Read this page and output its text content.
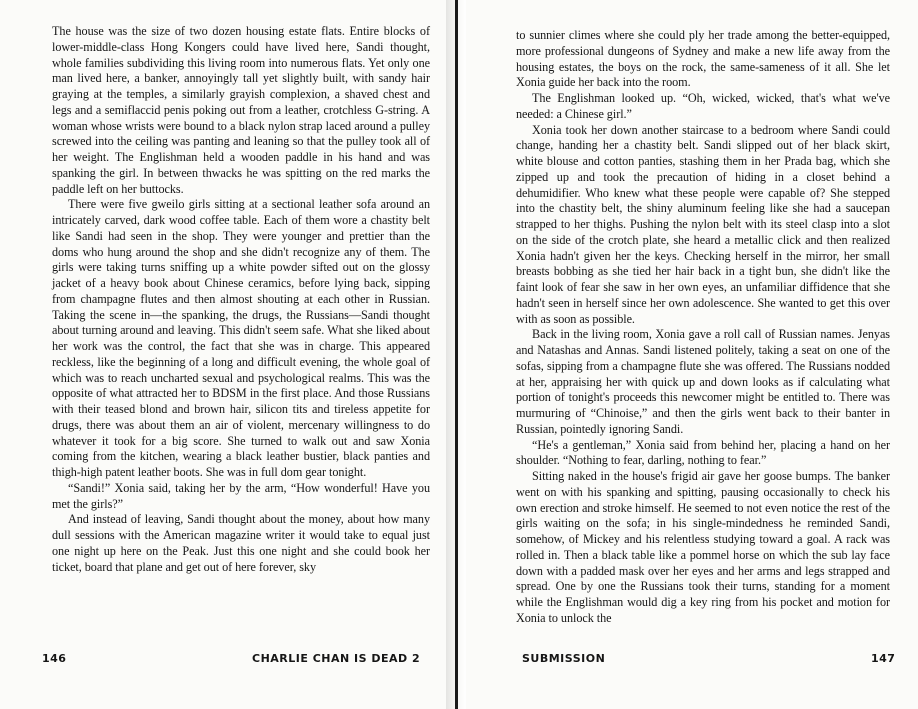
The house was the size of two dozen housing estate flats. Entire blocks of lower-middle-class Hong Kongers could have lived here, Sandi thought, whole families subdividing this living room into numerous flats. Yet only one man lived here, a banker, annoyingly tall yet slightly built, with sandy hair graying at the temples, a similarly grayish complexion, a shaved chest and legs and a semiflaccid penis poking out from a leather, crotchless G-string. A woman whose wrists were bound to a black nylon strap laced around a pulley screwed into the ceiling was panting and leaning so that the pulley took all of her weight. The Englishman held a wooden paddle in his hand and was spanking the girl. In between thwacks he was spitting on the red marks the paddle left on her buttocks.

There were five gweilo girls sitting at a sectional leather sofa around an intricately carved, dark wood coffee table. Each of them wore a chastity belt like Sandi had seen in the shop. They were younger and prettier than the doms who hung around the shop and she didn't recognize any of them. The girls were taking turns sniffing up a white powder sifted out on the glossy jacket of a heavy book about Chinese ceramics, before lying back, sipping from champagne flutes and then almost shouting at each other in Russian. Taking the scene in—the spanking, the drugs, the Russians—Sandi thought about turning around and leaving. This didn't seem safe. What she liked about her work was the control, the fact that she was in charge. This appeared reckless, like the beginning of a long and difficult evening, the whole goal of which was to reach uncharted sexual and psychological realms. This was the opposite of what attracted her to BDSM in the first place. And those Russians with their teased blond and brown hair, silicon tits and tireless appetite for drugs, there was about them an air of violent, mercenary willingness to do whatever it took for a big score. She turned to walk out and saw Xonia coming from the kitchen, wearing a black leather bustier, black panties and thigh-high patent leather boots. She was in full dom gear tonight.

“Sandi!” Xonia said, taking her by the arm, “How wonderful! Have you met the girls?”

And instead of leaving, Sandi thought about the money, about how many dull sessions with the American magazine writer it would take to equal just one night up here on the Peak. Just this one night and she could book her ticket, board that plane and get out of here forever, sky

146	CHARLIE CHAN IS DEAD 2

to sunnier climes where she could ply her trade among the better-equipped, more professional dungeons of Sydney and make a new life away from the housing estates, the boys on the rock, the same-sameness of it all. She let Xonia guide her back into the room.

The Englishman looked up. “Oh, wicked, wicked, that's what we've needed: a Chinese girl.”

Xonia took her down another staircase to a bedroom where Sandi could change, handing her a chastity belt. Sandi slipped out of her black skirt, white blouse and cotton panties, stashing them in her Prada bag, which she zipped up and took the precaution of hiding in a closet behind a dehumidifier. Who knew what these people were capable of? She stepped into the chastity belt, the shiny aluminum feeling like she had a saucepan strapped to her thighs. Pushing the nylon belt with its steel clasp into a slot on the side of the crotch plate, she heard a metallic click and then realized Xonia hadn't given her the keys. Checking herself in the mirror, her small breasts bobbing as she tied her hair back in a tight bun, she didn't like the faint look of fear she saw in her own eyes, an unfamiliar diffidence that she hadn't seen in herself since her own adolescence. She wanted to get this over with as soon as possible.

Back in the living room, Xonia gave a roll call of Russian names. Jenyas and Natashas and Annas. Sandi listened politely, taking a seat on one of the sofas, sipping from a champagne flute she was offered. The Russians nodded at her, appraising her with quick up and down looks as if calculating what portion of tonight's proceeds this newcomer might be entitled to. There was murmuring of “Chinoise,” and then the girls went back to their banter in Russian, pointedly ignoring Sandi.

“He's a gentleman,” Xonia said from behind her, placing a hand on her shoulder. “Nothing to fear, darling, nothing to fear.”

Sitting naked in the house's frigid air gave her goose bumps. The banker went on with his spanking and spitting, pausing occasionally to check his own erection and stroke himself. He seemed to not even notice the rest of the girls waiting on the sofa; in his single-mindedness he reminded Sandi, somehow, of Mickey and his relentless studying toward a goal. A rack was rolled in. Then a black table like a pommel horse on which the sub lay face down with a padded mask over her eyes and her arms and legs strapped and spread. One by one the Russians took their turns, standing for a moment while the Englishman would dig a key ring from his pocket and motion for Xonia to unlock the

SUBMISSION	147
